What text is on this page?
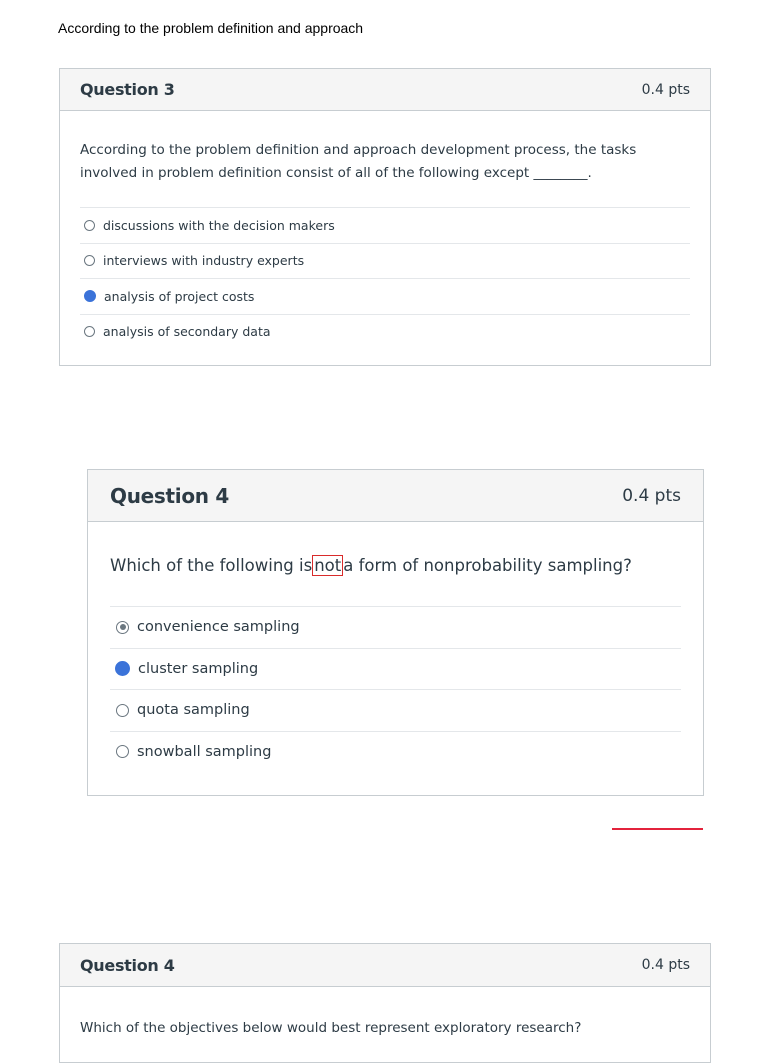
According to the problem definition and approach
Question 3	0.4 pts
According to the problem definition and approach development process, the tasks involved in problem definition consist of all of the following except ________.
discussions with the decision makers
interviews with industry experts
analysis of project costs
analysis of secondary data
Question 4	0.4 pts
Which of the following is not a form of nonprobability sampling?
convenience sampling
cluster sampling
quota sampling
snowball sampling
Question 4	0.4 pts
Which of the objectives below would best represent exploratory research?
